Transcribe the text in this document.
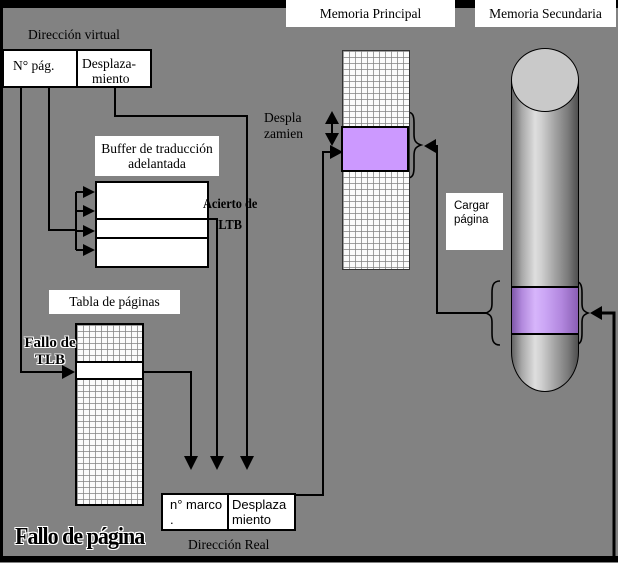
Memoria Principal	Memoria Secundaria
Dirección virtual
N° pág. Desplaza-
miento
Buffer de traducción
adelantada
Acierto de
LTB
Tabla de páginas
Fallo de
TLB
Fallo de página
n° marco
.
Desplaza
miento
Dirección Real
Despla
zamien
Cargar
página
